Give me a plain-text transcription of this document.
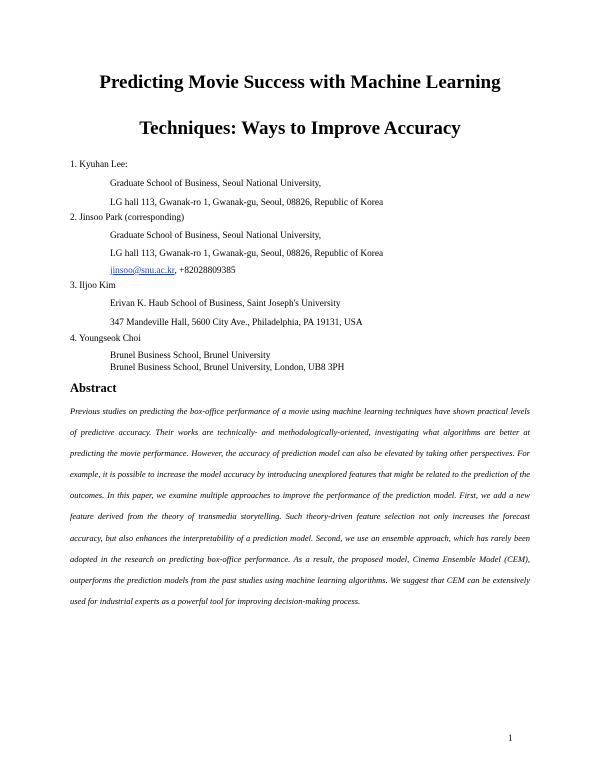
Predicting Movie Success with Machine Learning
Techniques: Ways to Improve Accuracy
1. Kyuhan Lee:
Graduate School of Business, Seoul National University,
LG hall 113, Gwanak-ro 1, Gwanak-gu, Seoul, 08826, Republic of Korea
2. Jinsoo Park (corresponding)
Graduate School of Business, Seoul National University,
LG hall 113, Gwanak-ro 1, Gwanak-gu, Seoul, 08826, Republic of Korea
jinsoo@snu.ac.kr, +82028809385
3. Iljoo Kim
Erivan K. Haub School of Business, Saint Joseph's University
347 Mandeville Hall, 5600 City Ave., Philadelphia, PA 19131, USA
4. Youngseok Choi
Brunel Business School, Brunel University
Brunel Business School, Brunel University, London, UB8 3PH
Abstract

Previous studies on predicting the box-office performance of a movie using machine learning techniques have shown practical levels of predictive accuracy. Their works are technically- and methodologically-oriented, investigating what algorithms are better at predicting the movie performance. However, the accuracy of prediction model can also be elevated by taking other perspectives. For example, it is possible to increase the model accuracy by introducing unexplored features that might be related to the prediction of the outcomes. In this paper, we examine multiple approaches to improve the performance of the prediction model. First, we add a new feature derived from the theory of transmedia storytelling. Such theory-driven feature selection not only increases the forecast accuracy, but also enhances the interpretability of a prediction model. Second, we use an ensemble approach, which has rarely been adopted in the research on predicting box-office performance. As a result, the proposed model, Cinema Ensemble Model (CEM), outperforms the prediction models from the past studies using machine learning algorithms. We suggest that CEM can be extensively used for industrial experts as a powerful tool for improving decision-making process.

1
